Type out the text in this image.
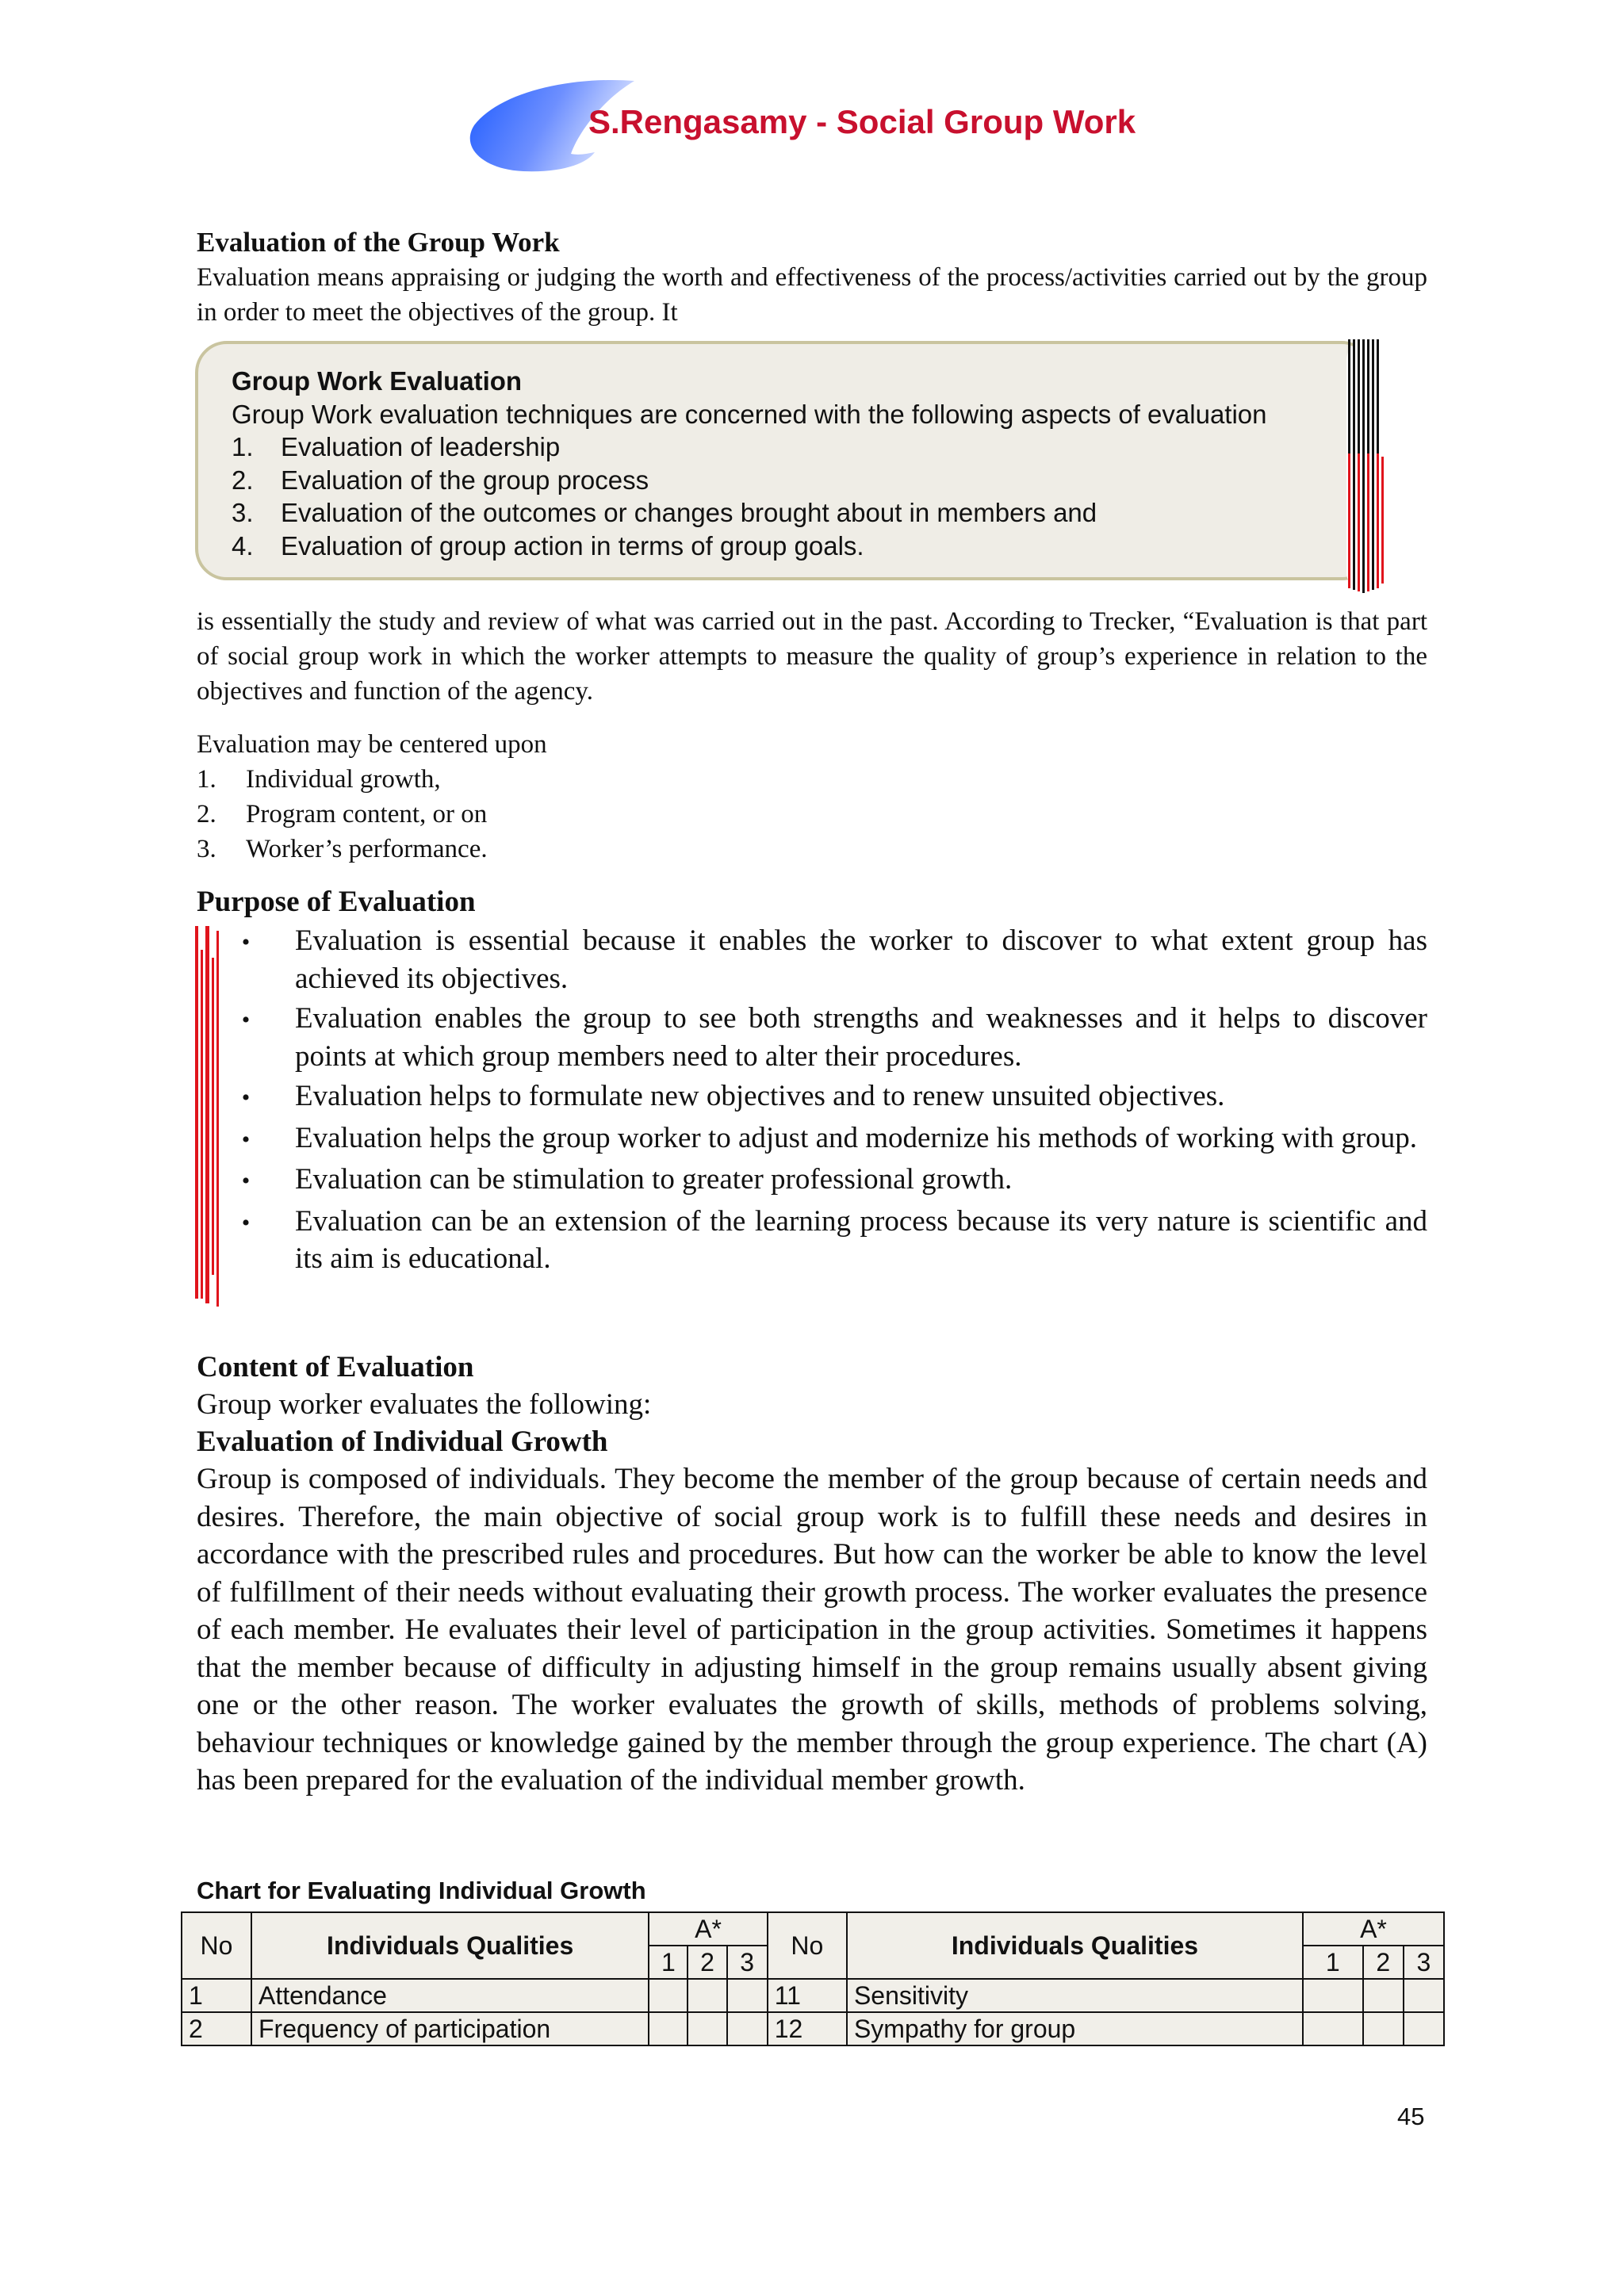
S.Rengasamy - Social Group Work

Evaluation of the Group Work

Evaluation means appraising or judging the worth and effectiveness of the process/activities carried out by the group in order to meet the objectives of the group. It

Group Work Evaluation
Group Work evaluation techniques are concerned with the following aspects of evaluation
1.	Evaluation of leadership
2.	Evaluation of the group process
3.	Evaluation of the outcomes or changes brought about in members and
4.	Evaluation of group action in terms of group goals.

is essentially the study and review of what was carried out in the past. According to Trecker, “Evaluation is that part of social group work in which the worker attempts to measure the quality of group’s experience in relation to the objectives and function of the agency.

Evaluation may be centered upon
1.	Individual growth,
2.	Program content, or on
3.	Worker’s performance.
Purpose of Evaluation
•	Evaluation is essential because it enables the worker to discover to what extent group has achieved its objectives.
•	Evaluation enables the group to see both strengths and weaknesses and it helps to discover points at which group members need to alter their procedures.
•	Evaluation helps to formulate new objectives and to renew unsuited objectives.
•	Evaluation helps the group worker to adjust and modernize his methods of working with group.
•	Evaluation can be stimulation to greater professional growth.
•	Evaluation can be an extension of the learning process because its very nature is scientific and its aim is educational.
Content of Evaluation
Group worker evaluates the following:
Evaluation of Individual Growth

Group is composed of individuals. They become the member of the group because of certain needs and desires. Therefore, the main objective of social group work is to fulfill these needs and desires in accordance with the prescribed rules and procedures. But how can the worker be able to know the level of fulfillment of their needs without evaluating their growth process. The worker evaluates the presence of each member. He evaluates their level of participation in the group activities. Sometimes it happens that the member because of difficulty in adjusting himself in the group remains usually absent giving one or the other reason. The worker evaluates the growth of skills, methods of problems solving, behaviour techniques or knowledge gained by the member through the group experience. The chart (A) has been prepared for the evaluation of the individual member growth.

Chart for Evaluating Individual Growth
No	Individuals Qualities	A*			No	Individuals Qualities	A*		
		1	2	3			1	2	3
1	Attendance				11	Sensitivity			
2	Frequency of participation				12	Sympathy for group			
45
